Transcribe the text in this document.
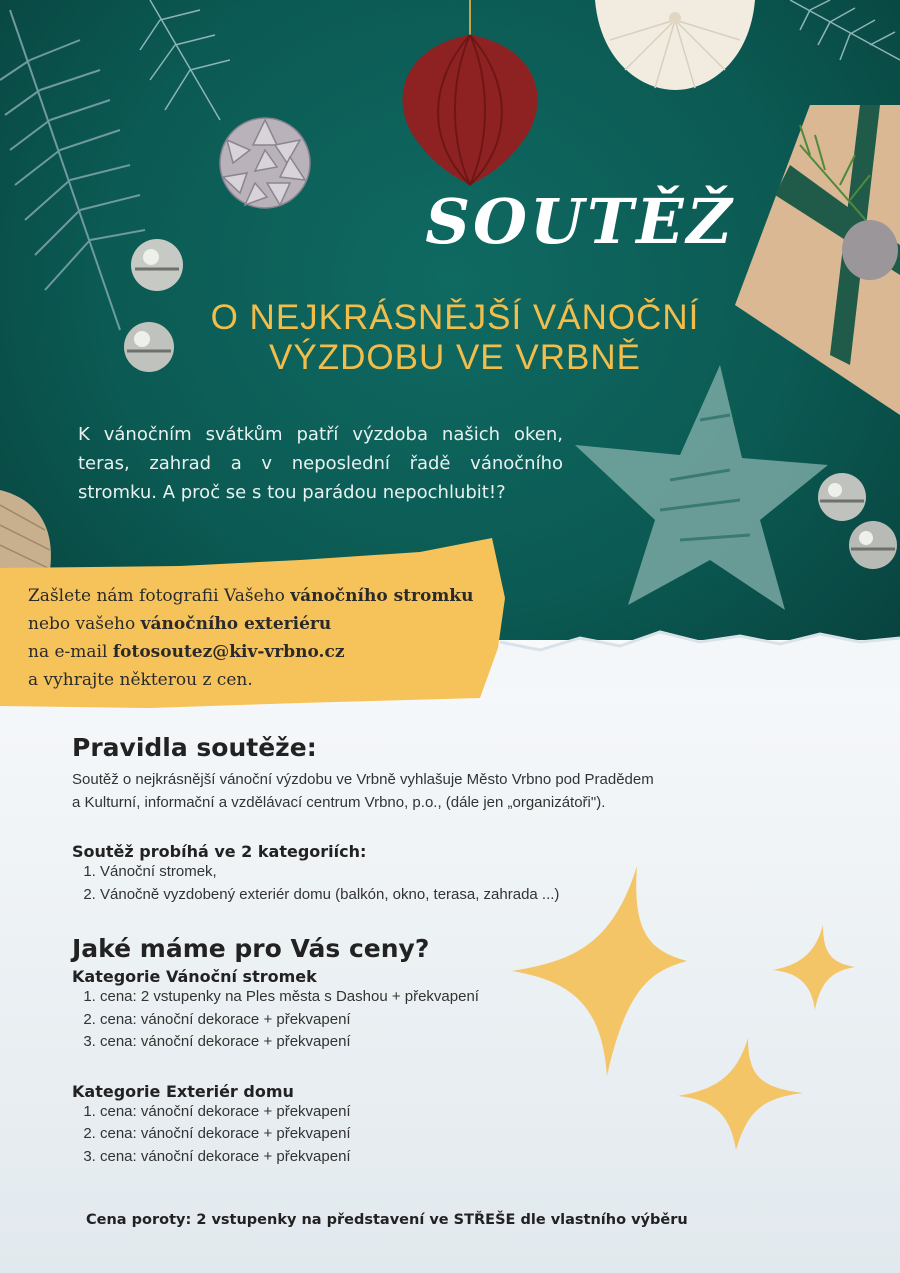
SOUTĚŽ
O NEJKRÁSNĚJŠÍ VÁNOČNÍ
VÝZDOBU VE VRBNĚ

K vánočním svátkům patří výzdoba našich oken, teras, zahrad a v neposlední řadě vánočního stromku. A proč se s tou parádou nepochlubit!?

Zašlete nám fotografii Vašeho vánočního stromku nebo vašeho vánočního exteriéru
na e-mail fotosoutez@kiv-vrbno.cz
a vyhrajte některou z cen.
Pravidla soutěže:

Soutěž o nejkrásnější vánoční výzdobu ve Vrbně vyhlašuje Město Vrbno pod Pradědem

a Kulturní, informační a vzdělávací centrum Vrbno, p.o., (dále jen „organizátoři").

Soutěž probíhá ve 2 kategoriích:
1. Vánoční stromek,
2. Vánočně vyzdobený exteriér domu (balkón, okno, terasa, zahrada ...)
Jaké máme pro Vás ceny?
Kategorie Vánoční stromek
1. cena: 2 vstupenky na Ples města s Dashou + překvapení
2. cena: vánoční dekorace + překvapení
3. cena: vánoční dekorace + překvapení
Kategorie Exteriér domu
1. cena: vánoční dekorace + překvapení
2. cena: vánoční dekorace + překvapení
3. cena: vánoční dekorace + překvapení

Cena poroty: 2 vstupenky na představení ve STŘEŠE dle vlastního výběru
